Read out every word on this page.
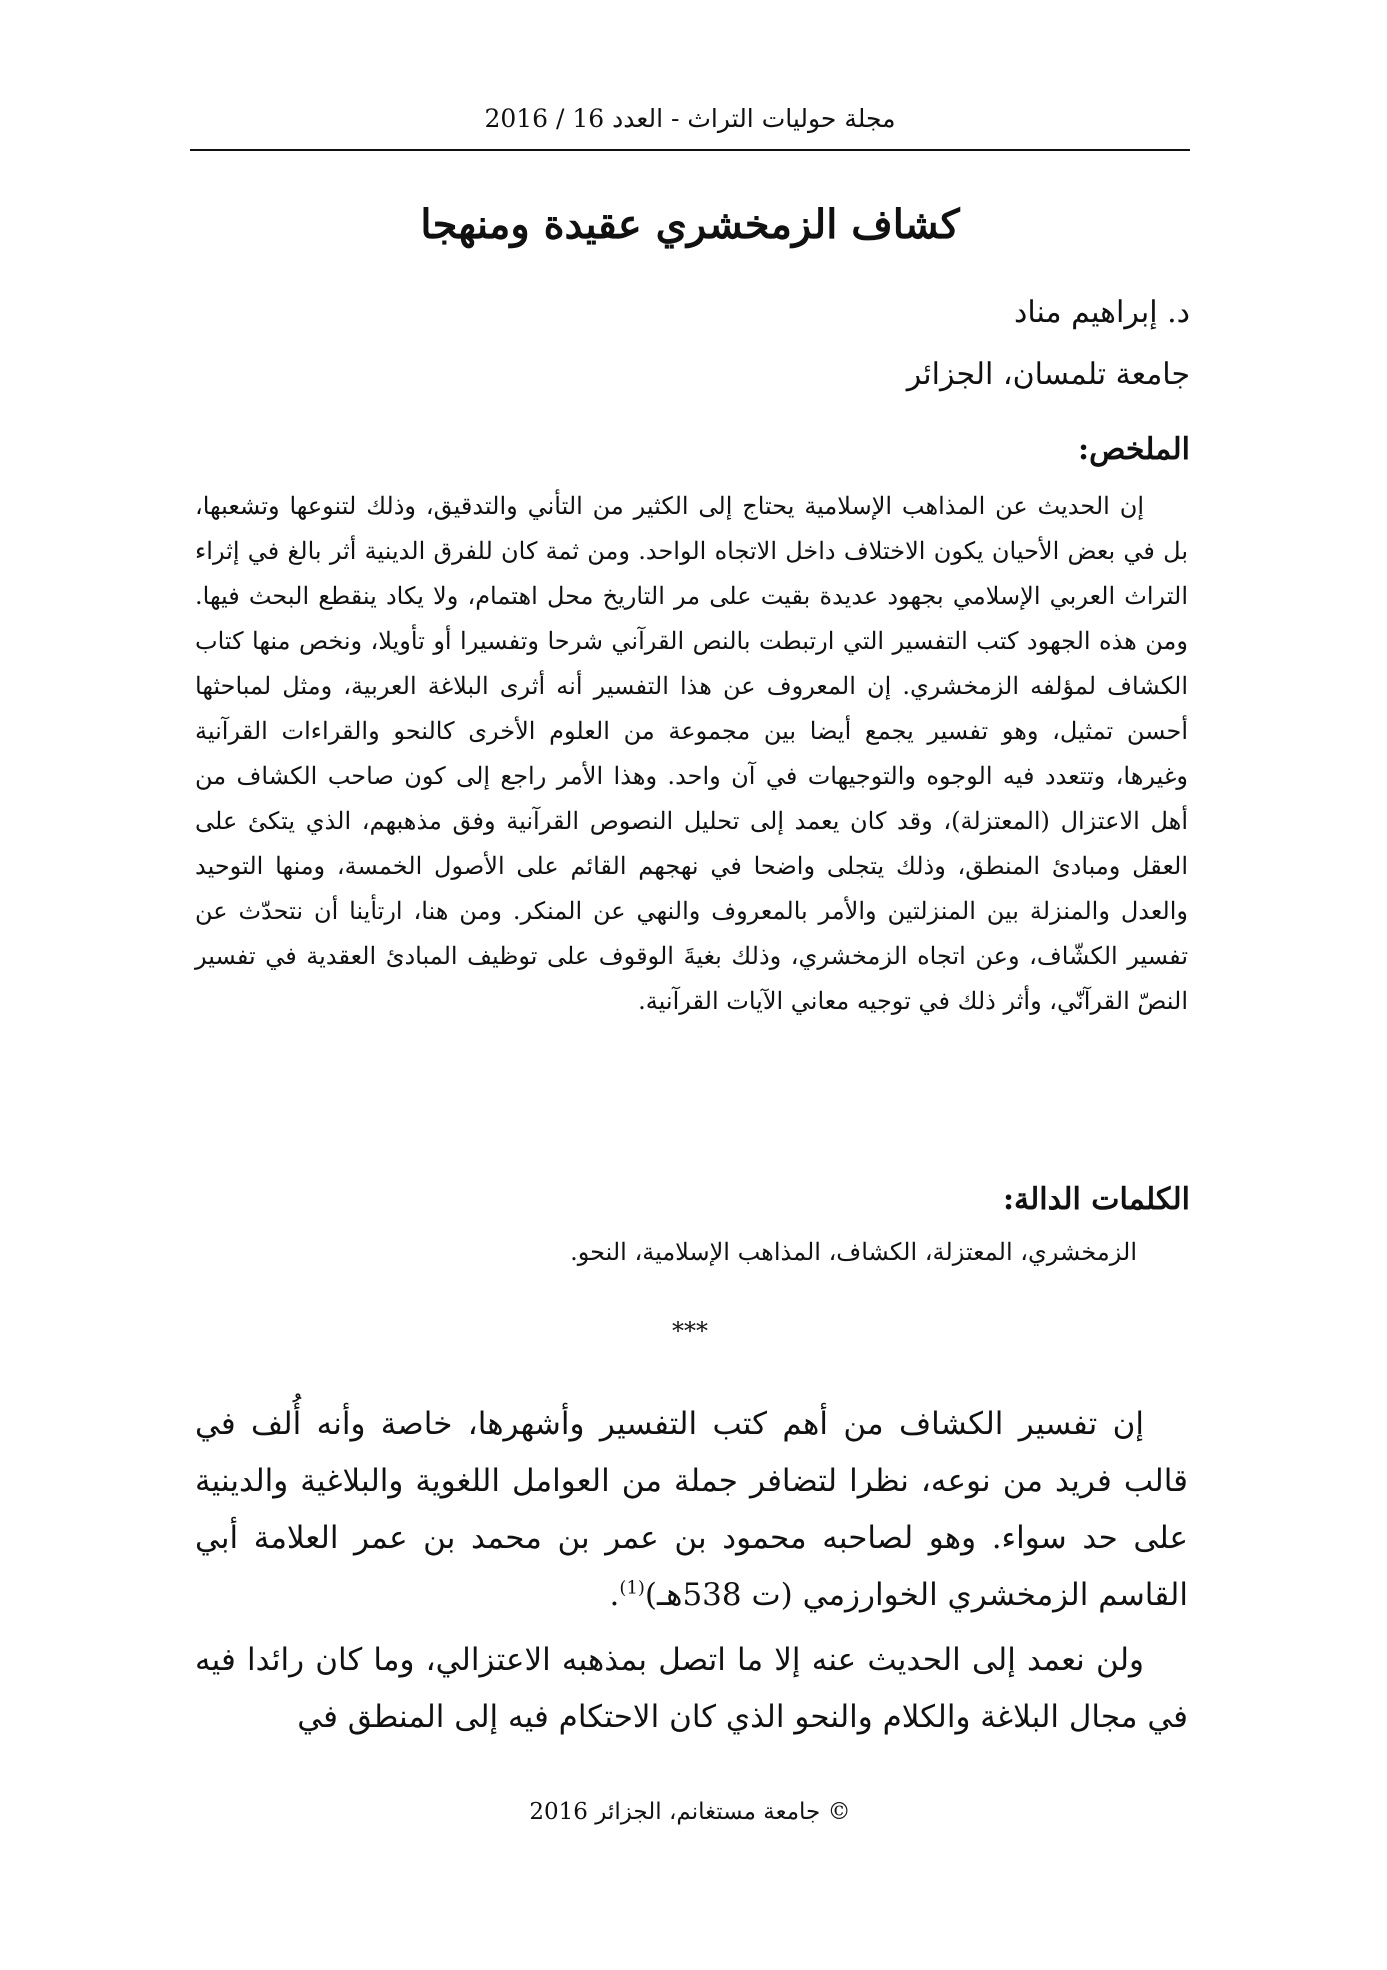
مجلة حوليات التراث - العدد 16 / 2016
كشاف الزمخشري عقيدة ومنهجا
د. إبراهيم مناد
جامعة تلمسان، الجزائر
الملخص:

إن الحديث عن المذاهب الإسلامية يحتاج إلى الكثير من التأني والتدقيق، وذلك لتنوعها وتشعبها، بل في بعض الأحيان يكون الاختلاف داخل الاتجاه الواحد. ومن ثمة كان للفرق الدينية أثر بالغ في إثراء التراث العربي الإسلامي بجهود عديدة بقيت على مر التاريخ محل اهتمام، ولا يكاد ينقطع البحث فيها. ومن هذه الجهود كتب التفسير التي ارتبطت بالنص القرآني شرحا وتفسيرا أو تأويلا، ونخص منها كتاب الكشاف لمؤلفه الزمخشري. إن المعروف عن هذا التفسير أنه أثرى البلاغة العربية، ومثل لمباحثها أحسن تمثيل، وهو تفسير يجمع أيضا بين مجموعة من العلوم الأخرى كالنحو والقراءات القرآنية وغيرها، وتتعدد فيه الوجوه والتوجيهات في آن واحد. وهذا الأمر راجع إلى كون صاحب الكشاف من أهل الاعتزال (المعتزلة)، وقد كان يعمد إلى تحليل النصوص القرآنية وفق مذهبهم، الذي يتكئ على العقل ومبادئ المنطق، وذلك يتجلى واضحا في نهجهم القائم على الأصول الخمسة، ومنها التوحيد والعدل والمنزلة بين المنزلتين والأمر بالمعروف والنهي عن المنكر. ومن هنا، ارتأينا أن نتحدّث عن تفسير الكشّاف، وعن اتجاه الزمخشري، وذلك بغيةَ الوقوف على توظيف المبادئ العقدية في تفسير النصّ القرآنّي، وأثر ذلك في توجيه معاني الآيات القرآنية.

الكلمات الدالة:
الزمخشري، المعتزلة، الكشاف، المذاهب الإسلامية، النحو.
***

إن تفسير الكشاف من أهم كتب التفسير وأشهرها، خاصة وأنه أُلف في قالب فريد من نوعه، نظرا لتضافر جملة من العوامل اللغوية والبلاغية والدينية على حد سواء. وهو لصاحبه محمود بن عمر بن محمد بن عمر العلامة أبي القاسم الزمخشري الخوارزمي (ت 538هـ)$^{(1)}$.

ولن نعمد إلى الحديث عنه إلا ما اتصل بمذهبه الاعتزالي، وما كان رائدا فيه في مجال البلاغة والكلام والنحو الذي كان الاحتكام فيه إلى المنطق في

© جامعة مستغانم، الجزائر 2016
